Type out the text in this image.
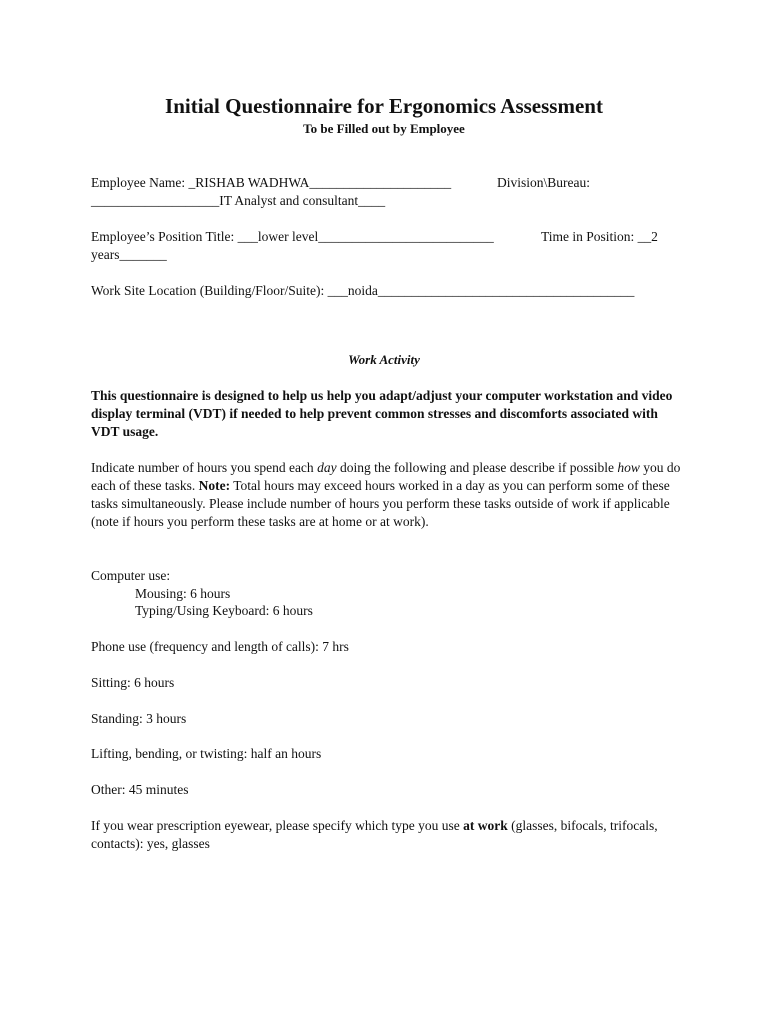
Initial Questionnaire for Ergonomics Assessment
To be Filled out by Employee
Employee Name: _RISHAB WADHWA_____________________	Division\Bureau:
___________________IT Analyst and consultant____
Employee’s Position Title: ___lower level__________________________	Time in Position: __2
years_______
Work Site Location (Building/Floor/Suite): ___noida______________________________________
Work Activity

This questionnaire is designed to help us help you adapt/adjust your computer workstation and video display terminal (VDT) if needed to help prevent common stresses and discomforts associated with VDT usage.

Indicate number of hours you spend each day doing the following and please describe if possible how you do each of these tasks. Note: Total hours may exceed hours worked in a day as you can perform some of these tasks simultaneously. Please include number of hours you perform these tasks outside of work if applicable (note if hours you perform these tasks are at home or at work).

Computer use:
Mousing: 6 hours
Typing/Using Keyboard: 6 hours
Phone use (frequency and length of calls): 7 hrs
Sitting: 6 hours
Standing: 3 hours
Lifting, bending, or twisting: half an hours
Other: 45 minutes

If you wear prescription eyewear, please specify which type you use at work (glasses, bifocals, trifocals, contacts): yes, glasses
